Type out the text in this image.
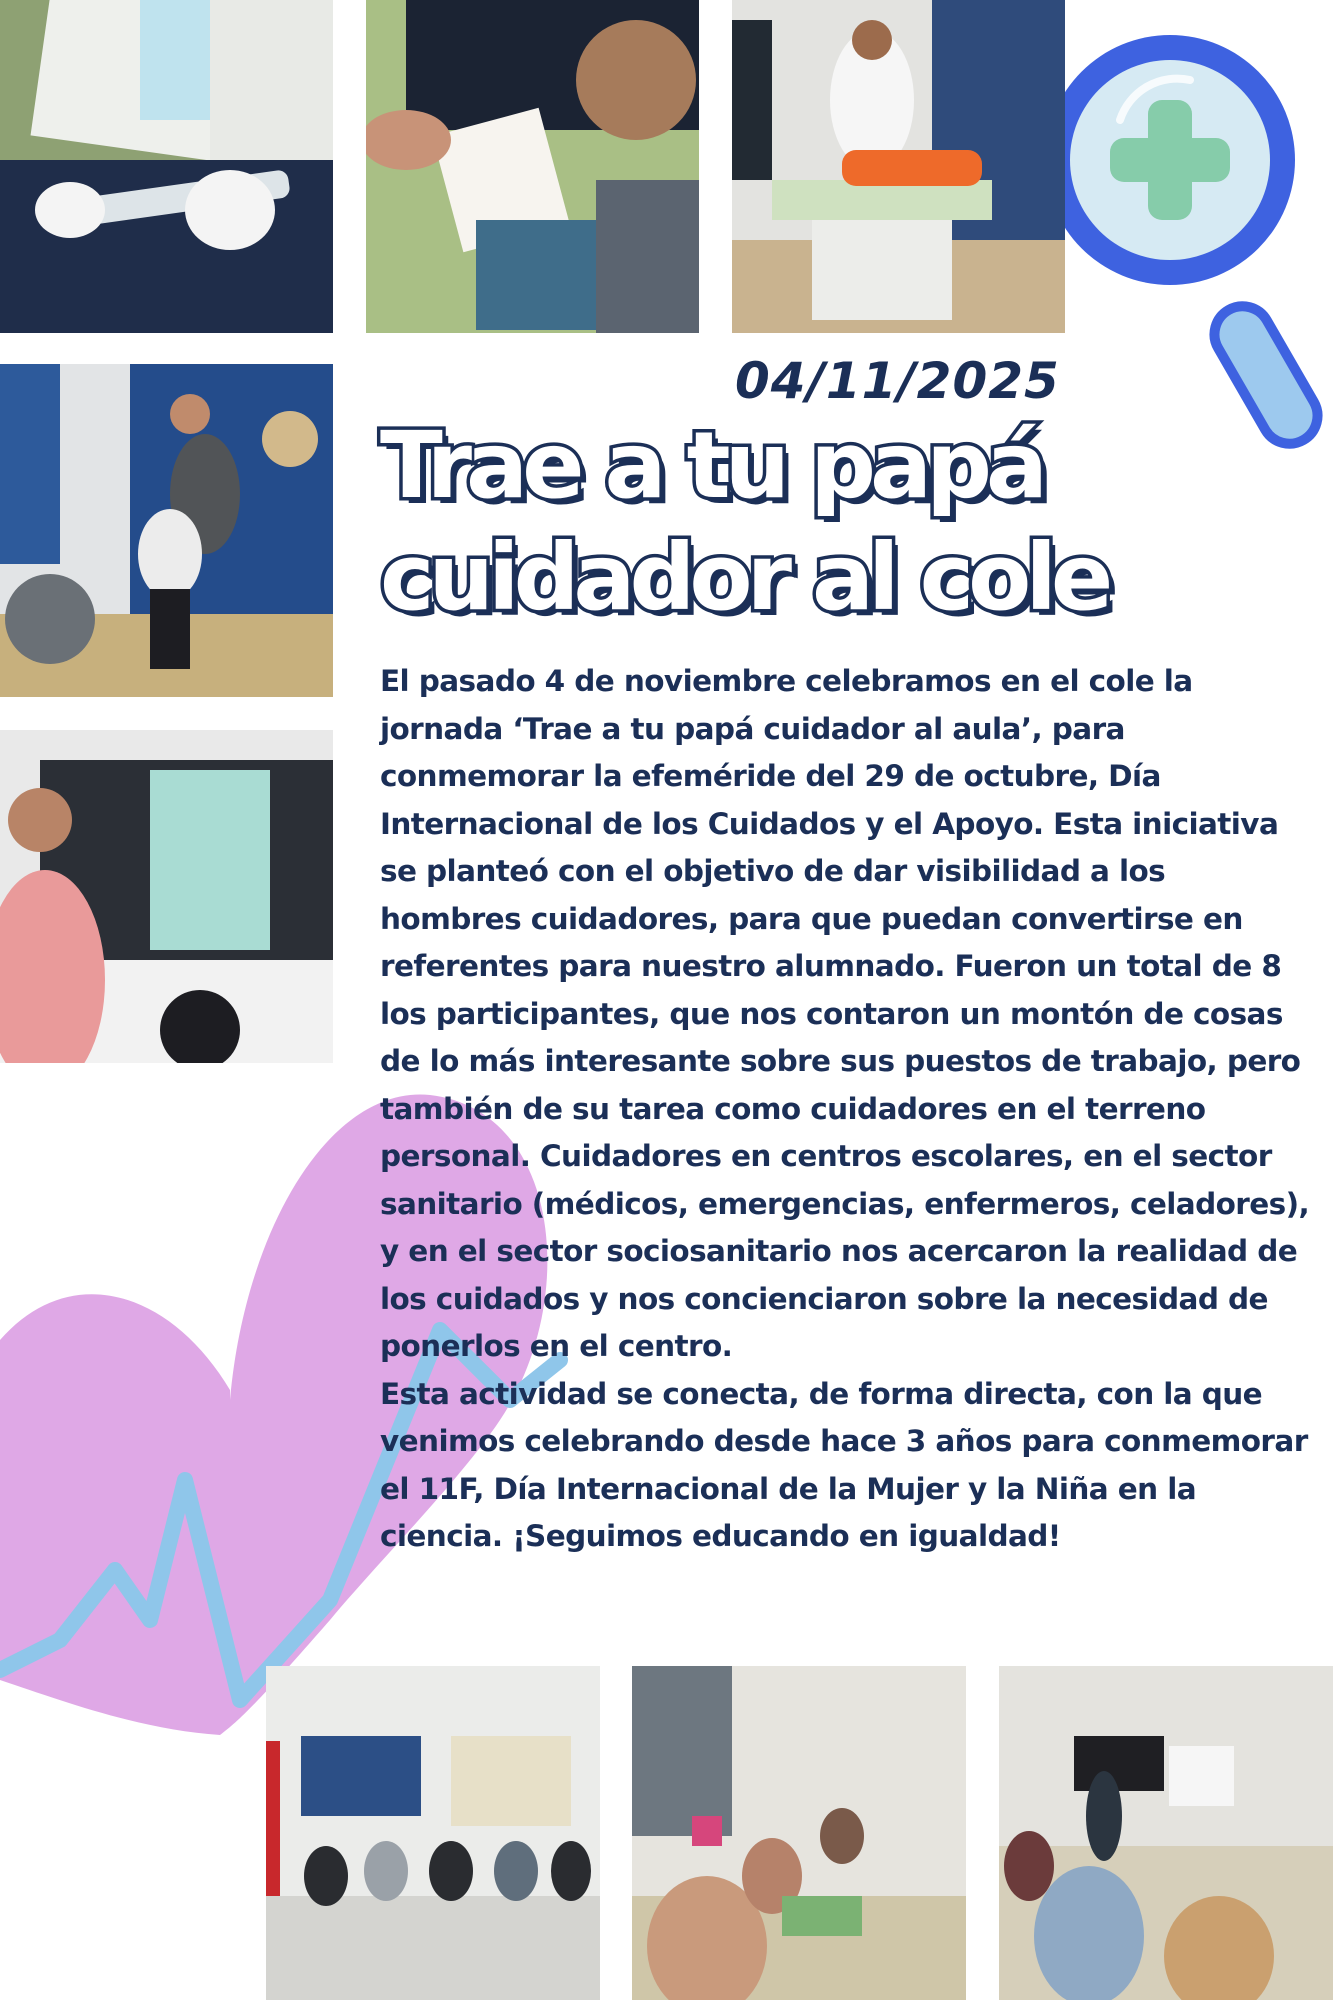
04/11/2025
Trae a tu papá
cuidador al cole

El pasado 4 de noviembre celebramos en el cole la jornada ‘Trae a tu papá cuidador al aula’, para conmemorar la efeméride del 29 de octubre, Día Internacional de los Cuidados y el Apoyo. Esta iniciativa se planteó con el objetivo de dar visibilidad a los hombres cuidadores, para que puedan convertirse en referentes para nuestro alumnado. Fueron un total de 8 los participantes, que nos contaron un montón de cosas de lo más interesante sobre sus puestos de trabajo, pero también de su tarea como cuidadores en el terreno personal. Cuidadores en centros escolares, en el sector sanitario (médicos, emergencias, enfermeros, celadores), y en el sector sociosanitario nos acercaron la realidad de los cuidados y nos concienciaron sobre la necesidad de ponerlos en el centro.

Esta actividad se conecta, de forma directa, con la que venimos celebrando desde hace 3 años para conmemorar el 11F, Día Internacional de la Mujer y la Niña en la ciencia. ¡Seguimos educando en igualdad!
